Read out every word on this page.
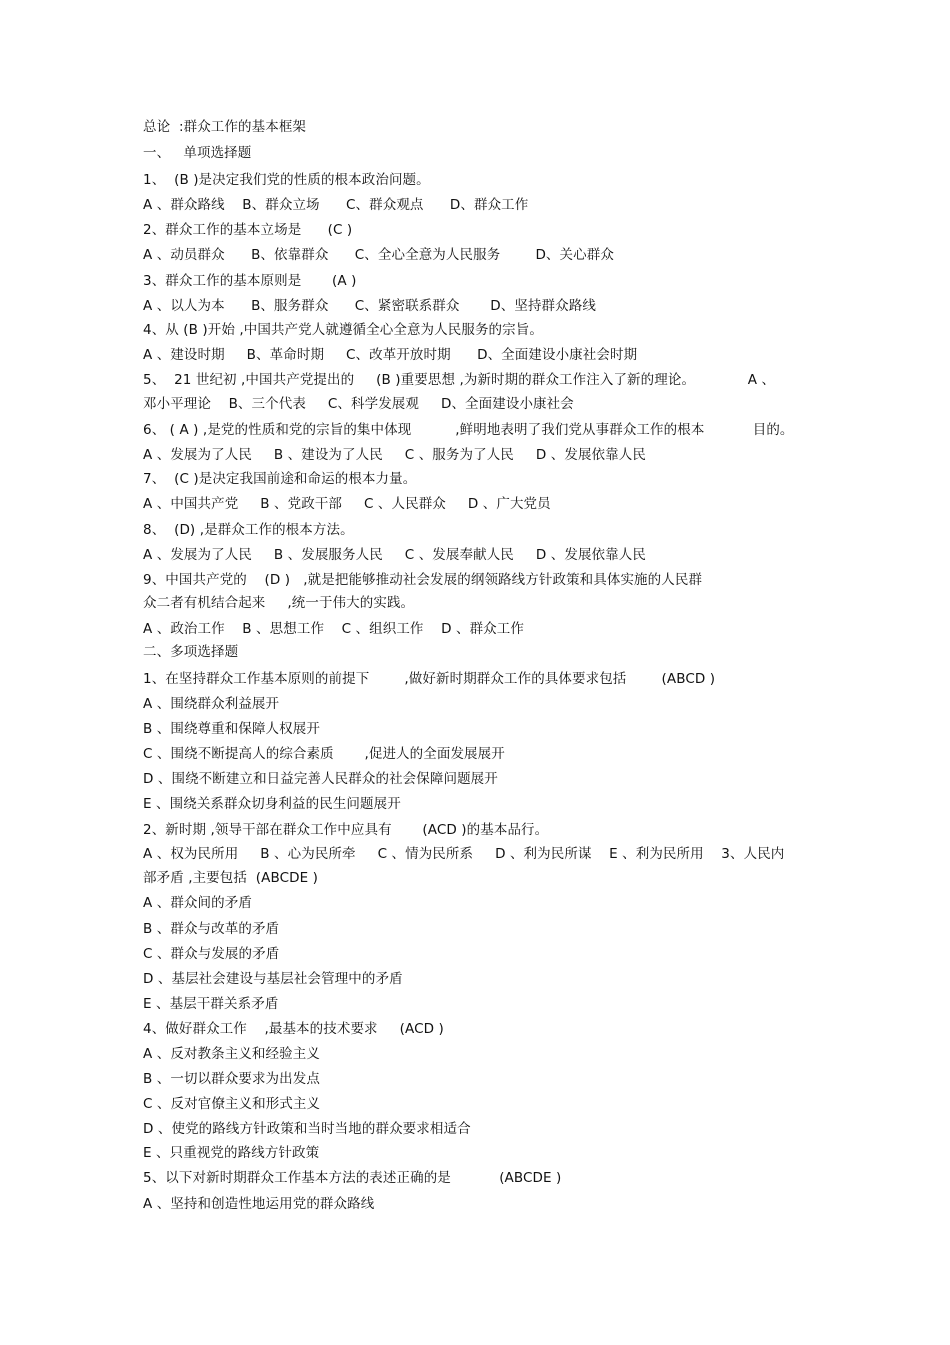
总论  :群众工作的基本框架
一、   单项选择题
1、  (B )是决定我们党的性质的根本政治问题。
A 、群众路线    B、群众立场      C、群众观点      D、群众工作
2、群众工作的基本立场是      (C )
A 、动员群众      B、依靠群众      C、全心全意为人民服务        D、关心群众
3、群众工作的基本原则是       (A )
A 、以人为本      B、服务群众      C、紧密联系群众       D、坚持群众路线
4、从 (B )开始 ,中国共产党人就遵循全心全意为人民服务的宗旨。
A 、建设时期     B、革命时期     C、改革开放时期      D、全面建设小康社会时期
5、  21 世纪初 ,中国共产党提出的     (B )重要思想 ,为新时期的群众工作注入了新的理论。            A 、
邓小平理论    B、三个代表     C、科学发展观     D、全面建设小康社会
6、 ( A ) ,是党的性质和党的宗旨的集中体现          ,鲜明地表明了我们党从事群众工作的根本           目的。
A 、发展为了人民     B 、建设为了人民     C 、服务为了人民     D 、发展依靠人民
7、  (C )是决定我国前途和命运的根本力量。
A 、中国共产党     B 、党政干部     C 、人民群众     D 、广大党员
8、  (D) ,是群众工作的根本方法。
A 、发展为了人民     B 、发展服务人民     C 、发展奉献人民     D 、发展依靠人民
9、中国共产党的    (D )   ,就是把能够推动社会发展的纲领路线方针政策和具体实施的人民群
众二者有机结合起来     ,统一于伟大的实践。
A 、政治工作    B 、思想工作    C 、组织工作    D 、群众工作
二、多项选择题
1、在坚持群众工作基本原则的前提下        ,做好新时期群众工作的具体要求包括        (ABCD )
A 、围绕群众利益展开
B 、围绕尊重和保障人权展开
C 、围绕不断提高人的综合素质       ,促进人的全面发展展开
D 、围绕不断建立和日益完善人民群众的社会保障问题展开
E 、围绕关系群众切身利益的民生问题展开
2、新时期 ,领导干部在群众工作中应具有       (ACD )的基本品行。
A 、权为民所用     B 、心为民所牵     C 、情为民所系     D 、利为民所谋    E 、利为民所用    3、人民内
部矛盾 ,主要包括  (ABCDE )
A 、群众间的矛盾
B 、群众与改革的矛盾
C 、群众与发展的矛盾
D 、基层社会建设与基层社会管理中的矛盾
E 、基层干群关系矛盾
4、做好群众工作    ,最基本的技术要求     (ACD )
A 、反对教条主义和经验主义
B 、一切以群众要求为出发点
C 、反对官僚主义和形式主义
D 、使党的路线方针政策和当时当地的群众要求相适合
E 、只重视党的路线方针政策
5、以下对新时期群众工作基本方法的表述正确的是           (ABCDE )
A 、坚持和创造性地运用党的群众路线
